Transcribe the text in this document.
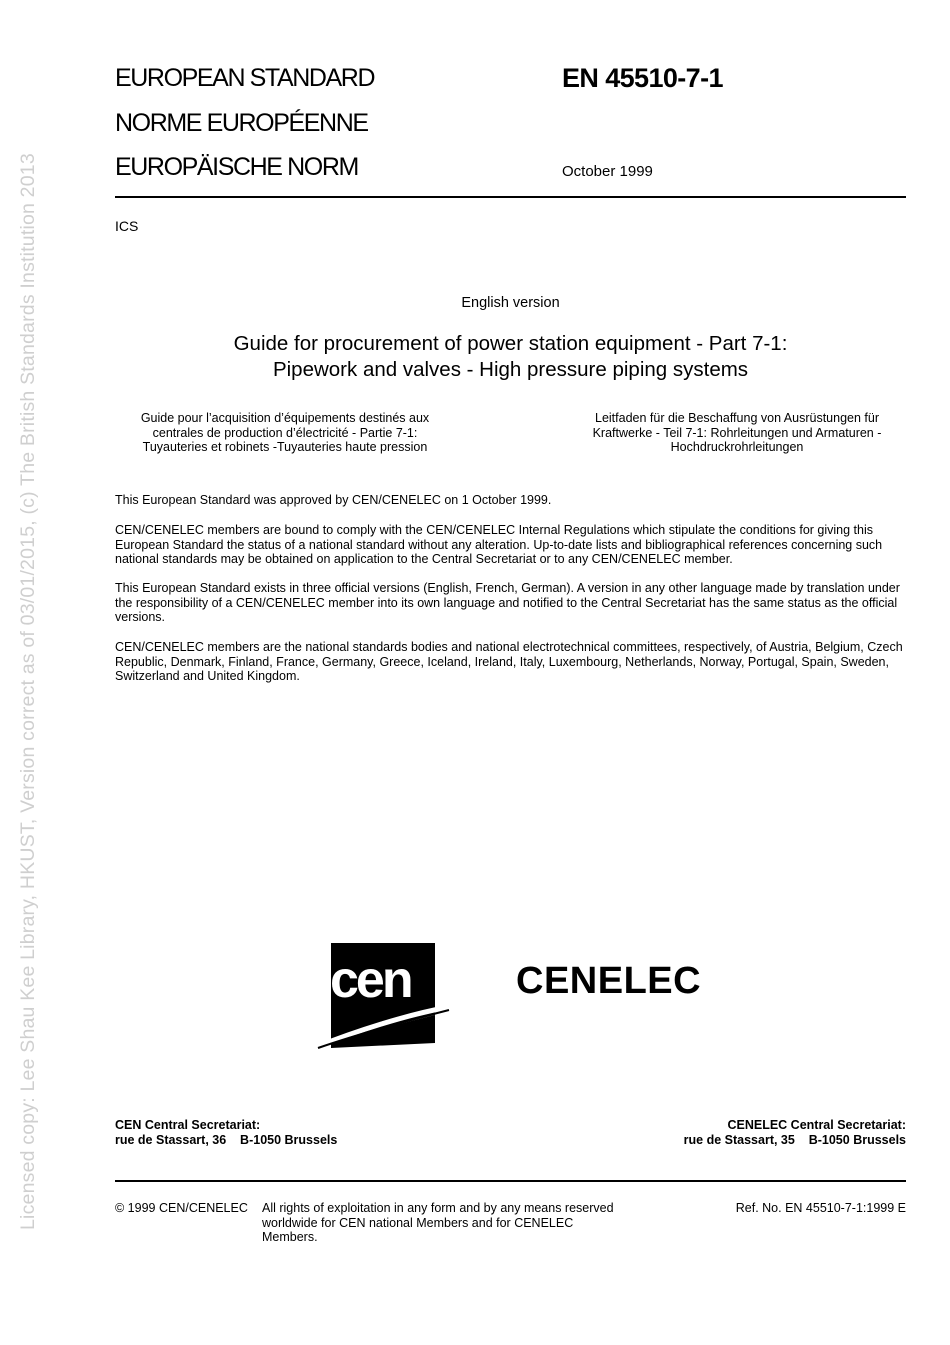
Licensed copy: Lee Shau Kee Library, HKUST, Version correct as of 03/01/2015, (c) The British Standards Institution 2013
EUROPEAN STANDARD
NORME EUROPÉENNE
EUROPÄISCHE NORM
EN 45510-7-1
October 1999
ICS
English version
Guide for procurement of power station equipment - Part 7-1:
Pipework and valves - High pressure piping systems
Guide pour l’acquisition d’équipements destinés aux
centrales de production d’électricité - Partie 7-1:
Tuyauteries et robinets -Tuyauteries haute pression
Leitfaden für die Beschaffung von Ausrüstungen für
Kraftwerke - Teil 7-1: Rohrleitungen und Armaturen -
Hochdruckrohrleitungen
This European Standard was approved by CEN/CENELEC on 1 October 1999.
CEN/CENELEC members are bound to comply with the CEN/CENELEC Internal Regulations which stipulate the conditions for giving this European Standard the status of a national standard without any alteration. Up-to-date lists and bibliographical references concerning such national standards may be obtained on application to the Central Secretariat or to any CEN/CENELEC member.
This European Standard exists in three official versions (English, French, German). A version in any other language made by translation under the responsibility of a CEN/CENELEC member into its own language and notified to the Central Secretariat has the same status as the official versions.
CEN/CENELEC members are the national standards bodies and national electrotechnical committees, respectively, of Austria, Belgium, Czech Republic, Denmark, Finland, France, Germany, Greece, Iceland, Ireland, Italy, Luxembourg, Netherlands, Norway, Portugal, Spain, Sweden, Switzerland and United Kingdom.
cen	CENELEC
CEN Central Secretariat:
rue de Stassart, 36    B-1050 Brussels
CENELEC Central Secretariat:
rue de Stassart, 35    B-1050 Brussels
© 1999 CEN/CENELEC All rights of exploitation in any form and by any means reserved
worldwide for CEN national Members and for CENELEC
Members.
Ref. No. EN 45510-7-1:1999 E
